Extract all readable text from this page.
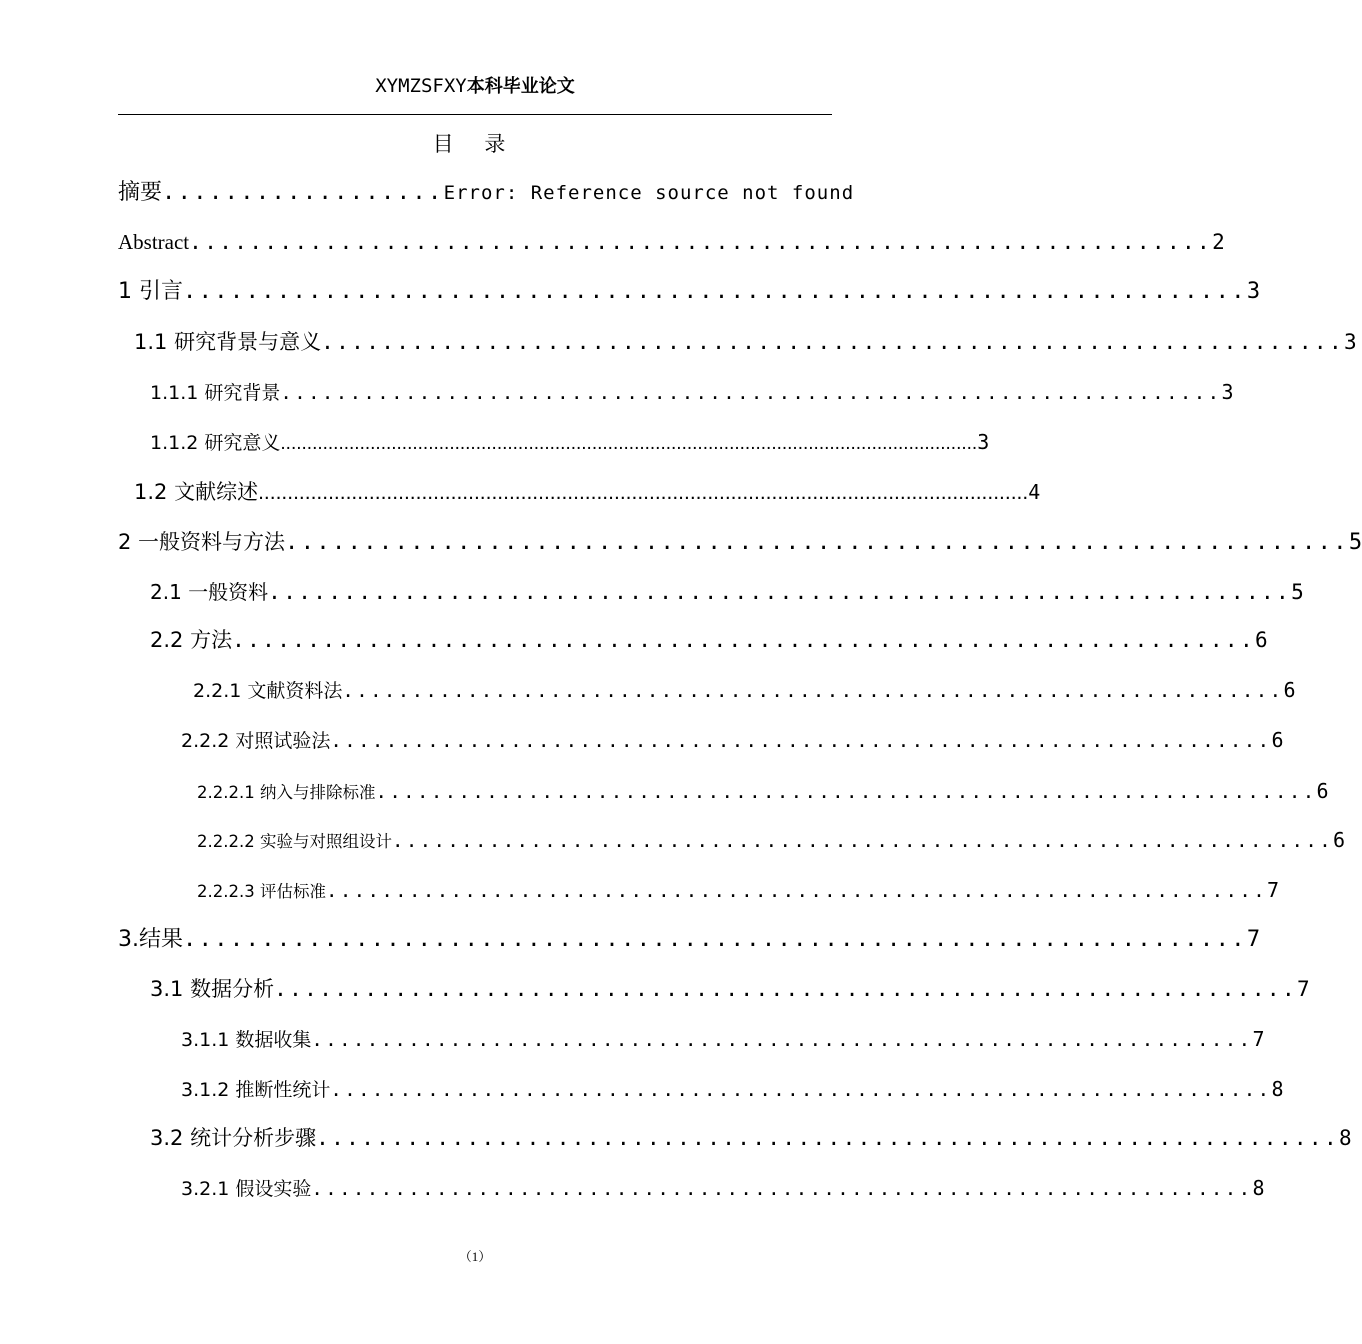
XYMZSFXY本科毕业论文
目 录
摘要 .................. Error: Reference source not found
Abstract .................................................................... 2
1 引言 .................................................................... 3
1.1 研究背景与意义 .................................................................... 3
1.1.1 研究背景 .................................................................... 3
1.1.2 研究意义 .................................................................................................................................... 3
1.2 文献综述 .................................................................................................................................... 4
2 一般资料与方法 .................................................................... 5
2.1 一般资料 .................................................................... 5
2.2 方法 .................................................................... 6
2.2.1 文献资料法 .................................................................... 6
2.2.2 对照试验法 .................................................................... 6
2.2.2.1 纳入与排除标准 .................................................................... 6
2.2.2.2 实验与对照组设计 .................................................................... 6
2.2.2.3 评估标准 .................................................................... 7
3.结果 .................................................................... 7
3.1 数据分析 .................................................................... 7
3.1.1 数据收集 .................................................................... 7
3.1.2 推断性统计 .................................................................... 8
3.2 统计分析步骤 .................................................................... 8
3.2.1 假设实验 .................................................................... 8
（1）
